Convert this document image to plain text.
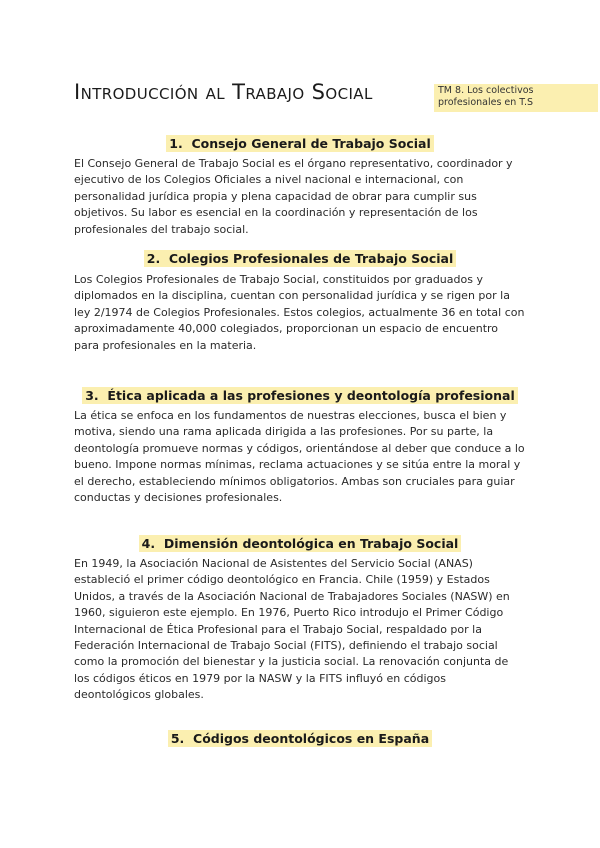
Introducción al Trabajo Social	TM 8. Los colectivos
profesionales en T.S
1. Consejo General de Trabajo Social

El Consejo General de Trabajo Social es el órgano representativo, coordinador y ejecutivo de los Colegios Oficiales a nivel nacional e internacional, con personalidad jurídica propia y plena capacidad de obrar para cumplir sus objetivos. Su labor es esencial en la coordinación y representación de los profesionales del trabajo social.

2. Colegios Profesionales de Trabajo Social

Los Colegios Profesionales de Trabajo Social, constituidos por graduados y diplomados en la disciplina, cuentan con personalidad jurídica y se rigen por la ley 2/1974 de Colegios Profesionales. Estos colegios, actualmente 36 en total con aproximadamente 40,000 colegiados, proporcionan un espacio de encuentro para profesionales en la materia.

3. Ética aplicada a las profesiones y deontología profesional

La ética se enfoca en los fundamentos de nuestras elecciones, busca el bien y motiva, siendo una rama aplicada dirigida a las profesiones. Por su parte, la deontología promueve normas y códigos, orientándose al deber que conduce a lo bueno. Impone normas mínimas, reclama actuaciones y se sitúa entre la moral y el derecho, estableciendo mínimos obligatorios. Ambas son cruciales para guiar conductas y decisiones profesionales.

4. Dimensión deontológica en Trabajo Social

En 1949, la Asociación Nacional de Asistentes del Servicio Social (ANAS) estableció el primer código deontológico en Francia. Chile (1959) y Estados Unidos, a través de la Asociación Nacional de Trabajadores Sociales (NASW) en 1960, siguieron este ejemplo. En 1976, Puerto Rico introdujo el Primer Código Internacional de Ética Profesional para el Trabajo Social, respaldado por la Federación Internacional de Trabajo Social (FITS), definiendo el trabajo social como la promoción del bienestar y la justicia social. La renovación conjunta de los códigos éticos en 1979 por la NASW y la FITS influyó en códigos deontológicos globales.

5. Códigos deontológicos en España
